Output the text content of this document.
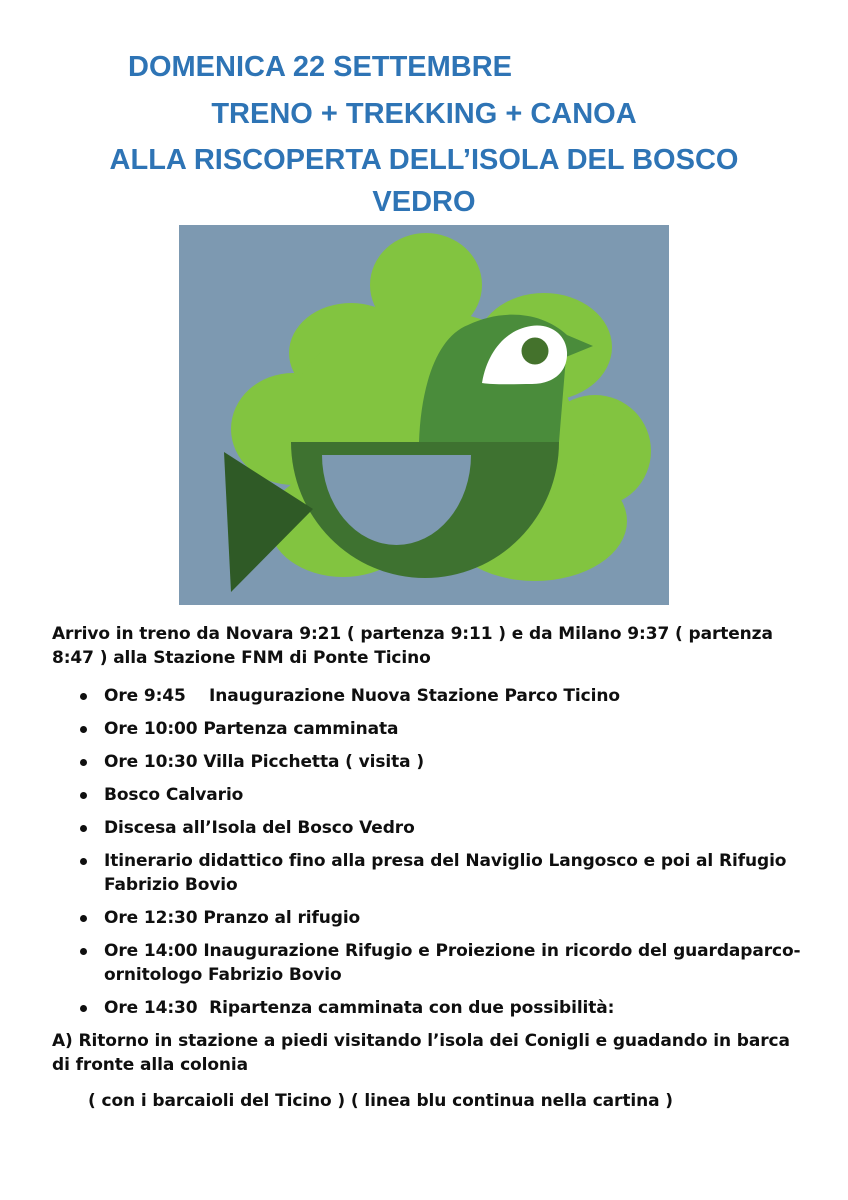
DOMENICA 22 SETTEMBRE
TRENO + TREKKING + CANOA
ALLA RISCOPERTA DELL’ISOLA DEL BOSCO VEDRO

Arrivo in treno da Novara 9:21 ( partenza 9:11 ) e da Milano 9:37 ( partenza 8:47 ) alla Stazione FNM di Ponte Ticino

Ore 9:45    Inaugurazione Nuova Stazione Parco Ticino
Ore 10:00 Partenza camminata
Ore 10:30 Villa Picchetta ( visita )
Bosco Calvario
Discesa all’Isola del Bosco Vedro
Itinerario didattico fino alla presa del Naviglio Langosco e poi al Rifugio Fabrizio Bovio
Ore 12:30 Pranzo al rifugio
Ore 14:00 Inaugurazione Rifugio e Proiezione in ricordo del guardaparco-ornitologo Fabrizio Bovio
Ore 14:30  Ripartenza camminata con due possibilità:

A) Ritorno in stazione a piedi visitando l’isola dei Conigli e guadando in barca di fronte alla colonia

( con i barcaioli del Ticino ) ( linea blu continua nella cartina )
